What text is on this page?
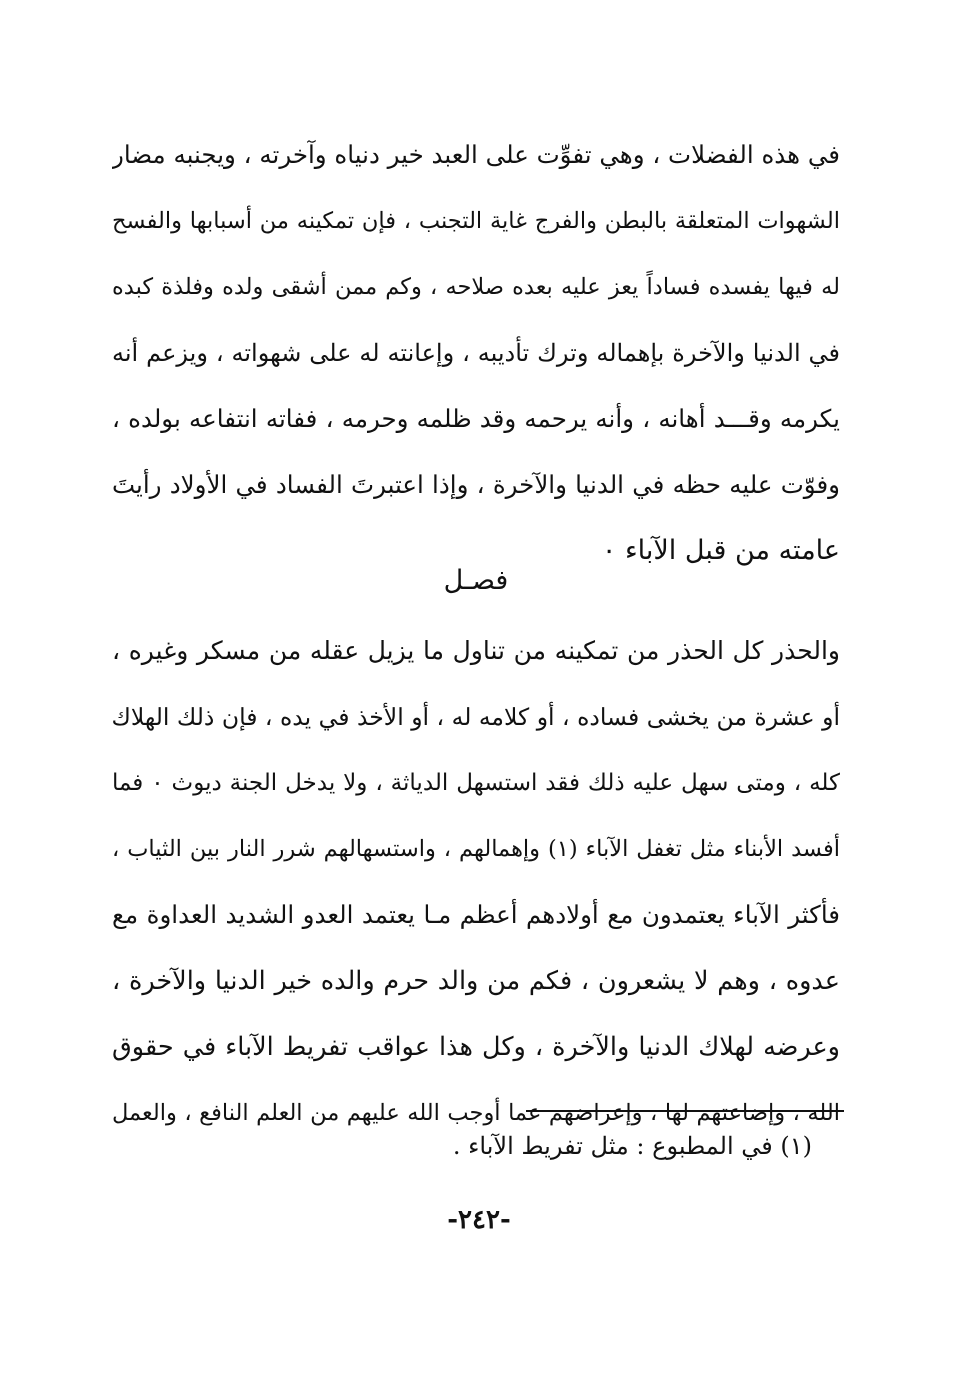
في هذه الفضلات ، وهي تفوِّت على العبد خير دنياه وآخرته ، ويجنبه مضار
الشهوات المتعلقة بالبطن والفرج غاية التجنب ، فإن تمكينه من أسبابها والفسح
له فيها يفسده فساداً يعز عليه بعده صلاحه ، وكم ممن أشقى ولده وفلذة كبده
في الدنيا والآخرة بإهماله وترك تأديبه ، وإعانته له على شهواته ، ويزعم أنه
يكرمه وقـــد أهانه ، وأنه يرحمه وقد ظلمه وحرمه ، ففاته انتفاعه بولده ،
وفوّت عليه حظه في الدنيا والآخرة ، وإذا اعتبرتَ الفساد في الأولاد رأيتَ
عامته من قبل الآباء ٠
فصـل
والحذر كل الحذر من تمكينه من تناول ما يزيل عقله من مسكر وغيره ،
أو عشرة من يخشى فساده ، أو كلامه له ، أو الأخذ في يده ، فإن ذلك الهلاك
كله ، ومتى سهل عليه ذلك فقد استسهل الدياثة ، ولا يدخل الجنة ديوث ٠ فما
أفسد الأبناء مثل تغفل الآباء (١) وإهمالهم ، واستسهالهم شرر النار بين الثياب ،
فأكثر الآباء يعتمدون مع أولادهم أعظم مـا يعتمد العدو الشديد العداوة مع
عدوه ، وهم لا يشعرون ، فكم من والد حرم والده خير الدنيا والآخرة ،
وعرضه لهلاك الدنيا والآخرة ، وكل هذا عواقب تفريط الآباء في حقوق
الله ، وإضاعتهم لها ، وإعراضهم عما أوجب الله عليهم من العلم النافع ، والعمل
(١) في المطبوع : مثل تفريط الآباء .
-٢٤٢-
